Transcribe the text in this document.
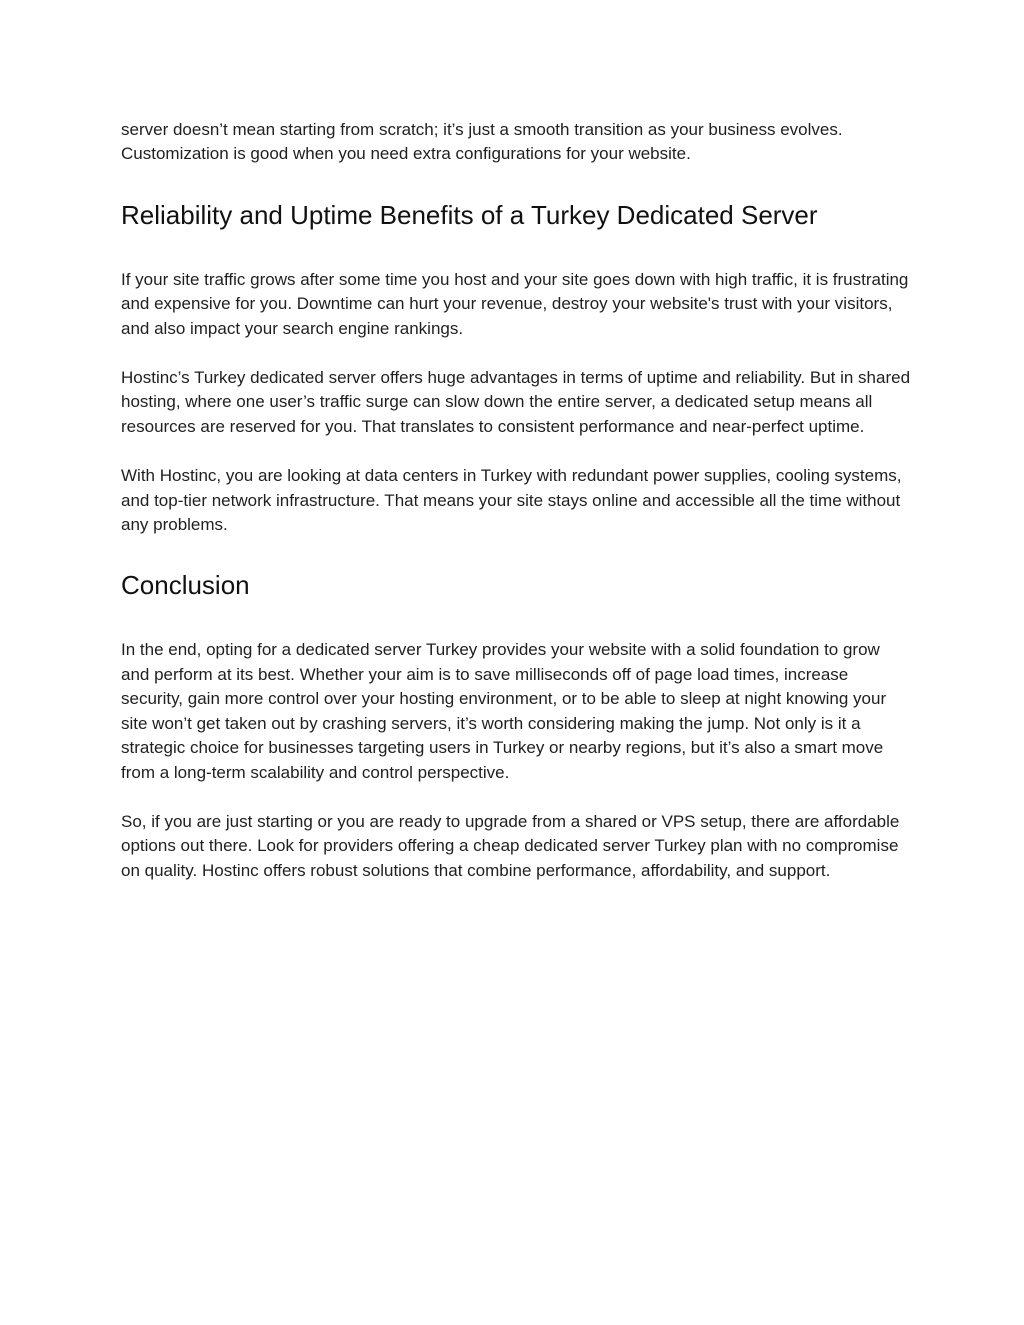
server doesn’t mean starting from scratch; it’s just a smooth transition as your business evolves. Customization is good when you need extra configurations for your website.

Reliability and Uptime Benefits of a Turkey Dedicated Server

If your site traffic grows after some time you host and your site goes down with high traffic, it is frustrating and expensive for you. Downtime can hurt your revenue, destroy your website's trust with your visitors, and also impact your search engine rankings.

Hostinc’s Turkey dedicated server offers huge advantages in terms of uptime and reliability. But in shared hosting, where one user’s traffic surge can slow down the entire server, a dedicated setup means all resources are reserved for you. That translates to consistent performance and near-perfect uptime.

With Hostinc, you are looking at data centers in Turkey with redundant power supplies, cooling systems, and top-tier network infrastructure. That means your site stays online and accessible all the time without any problems.

Conclusion

In the end, opting for a dedicated server Turkey provides your website with a solid foundation to grow and perform at its best. Whether your aim is to save milliseconds off of page load times, increase security, gain more control over your hosting environment, or to be able to sleep at night knowing your site won’t get taken out by crashing servers, it’s worth considering making the jump. Not only is it a strategic choice for businesses targeting users in Turkey or nearby regions, but it’s also a smart move from a long-term scalability and control perspective.

So, if you are just starting or you are ready to upgrade from a shared or VPS setup, there are affordable options out there. Look for providers offering a cheap dedicated server Turkey plan with no compromise on quality. Hostinc offers robust solutions that combine performance, affordability, and support.
